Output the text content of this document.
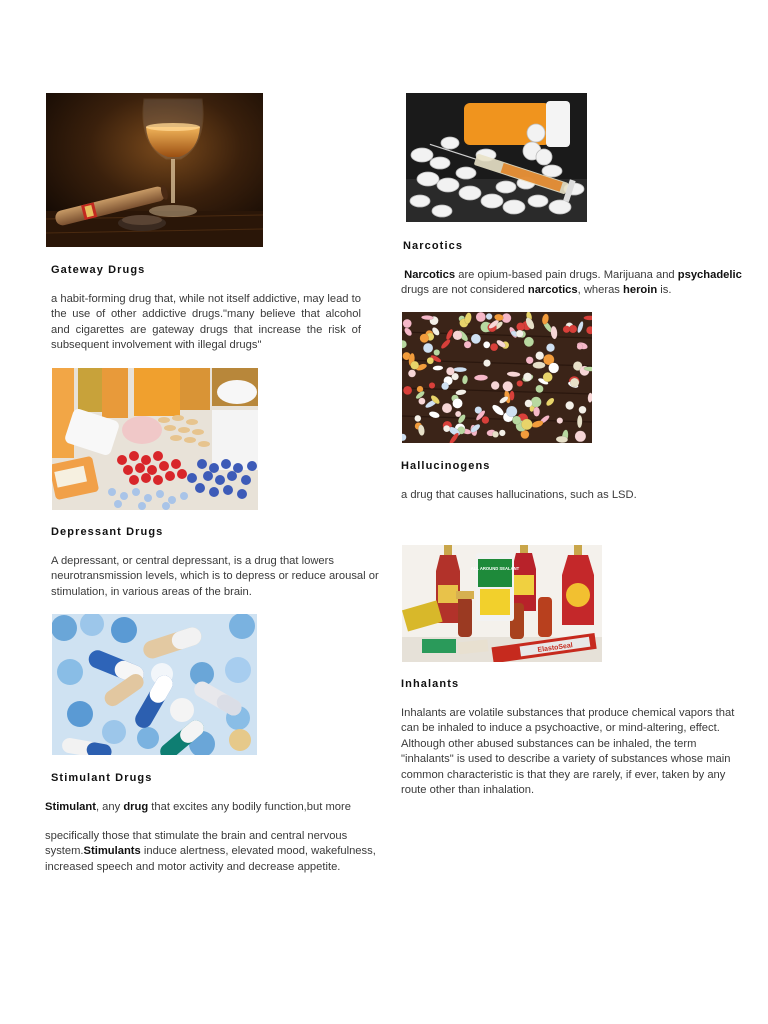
Gateway Drugs

a habit-forming drug that, while not itself addictive, may lead to the use of other addictive drugs."many believe that alcohol and cigarettes are gateway drugs that increase the risk of subsequent involvement with illegal drugs"

Depressant Drugs

A depressant, or central depressant, is a drug that lowers neurotransmission levels, which is to depress or reduce arousal or stimulation, in various areas of the brain.

Stimulant Drugs

Stimulant, any drug that excites any bodily function,but more

specifically those that stimulate the brain and central nervous system.Stimulants induce alertness, elevated mood, wakefulness, increased speech and motor activity and decrease appetite.

Narcotics

Narcotics are opium-based pain drugs. Marijuana and psychadelic drugs are not considered narcotics, wheras heroin is.

Hallucinogens

a drug that causes hallucinations, such as LSD.

ALL AROUND SEALANT
ElastoSeal
Inhalants

Inhalants are volatile substances that produce chemical vapors that can be inhaled to induce a psychoactive, or mind-altering, effect. Although other abused substances can be inhaled, the term "inhalants" is used to describe a variety of substances whose main common characteristic is that they are rarely, if ever, taken by any route other than inhalation.
